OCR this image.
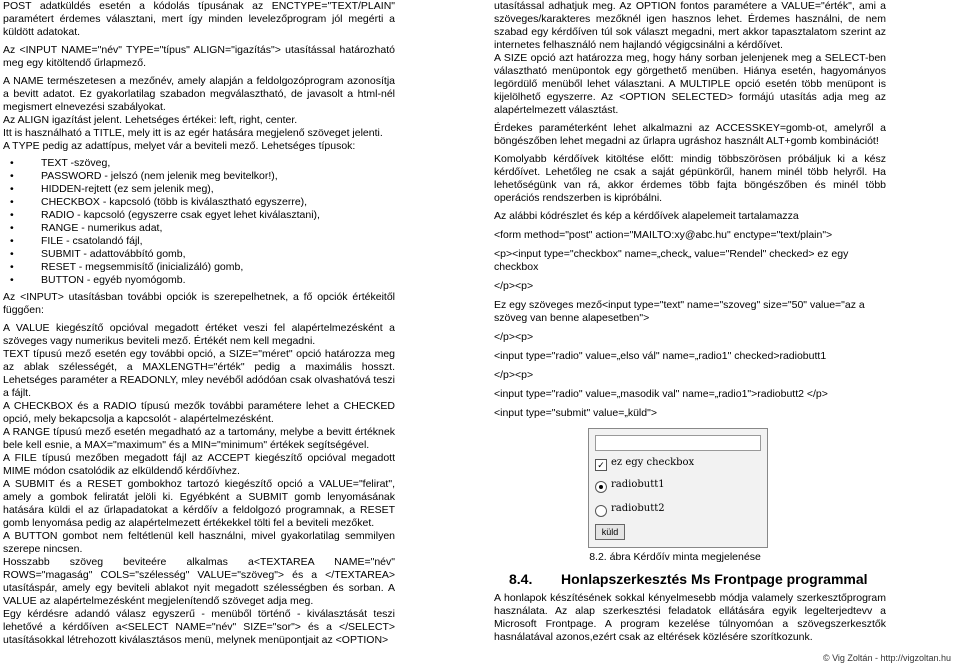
POST adatküldés esetén a kódolás típusának az ENCTYPE="TEXT/PLAIN" paramétert érdemes választani, mert így minden levelezőprogram jól megérti a küldött adatokat.

Az <INPUT NAME="név" TYPE="típus" ALIGN="igazítás"> utasítással határozható meg egy kitöltendő űrlapmező.

A NAME természetesen a mezőnév, amely alapján a feldolgozóprogram azonosítja a bevitt adatot. Ez gyakorlatilag szabadon megválasztható, de javasolt a html-nél megismert elnevezési szabályokat.

Az ALIGN igazítást jelent. Lehetséges értékei: left, right, center.

Itt is használható a TITLE, mely itt is az egér hatására megjelenő szöveget jelenti.

A TYPE pedig az adattípus, melyet vár a beviteli mező. Lehetséges típusok:

• TEXT -szöveg,
• PASSWORD - jelszó (nem jelenik meg bevitelkor!),
• HIDDEN-rejtett (ez sem jelenik meg),
• CHECKBOX - kapcsoló (több is kiválasztható egyszerre),
• RADIO - kapcsoló (egyszerre csak egyet lehet kiválasztani),
• RANGE - numerikus adat,
• FILE - csatolandó fájl,
• SUBMIT - adattovábbító gomb,
• RESET - megsemmisítő (inicializáló) gomb,
• BUTTON - egyéb nyomógomb.

Az <INPUT> utasításban további opciók is szerepelhetnek, a fő opciók értékeitől függően:

A VALUE kiegészítő opcióval megadott értéket veszi fel alapértelmezésként a szöveges vagy numerikus beviteli mező. Értékét nem kell megadni.

TEXT típusú mező esetén egy további opció, a SIZE="méret" opció határozza meg az ablak szélességét, a MAXLENGTH="érték" pedig a maximális hosszt. Lehetséges paraméter a READONLY, mley nevéből adódóan csak olvashatóvá teszi a fájlt.

A CHECKBOX és a RADIO típusú mezők további paramétere lehet a CHECKED opció, mely bekapcsolja a kapcsolót - alapértelmezésként.

A RANGE típusú mező esetén megadható az a tartomány, melybe a bevitt értéknek bele kell esnie, a MAX="maximum" és a MIN="minimum" értékek segítségével.

A FILE típusú mezőben megadott fájl az ACCEPT kiegészítő opcióval megadott MIME módon csatolódik az elküldendő kérdőívhez.

A SUBMIT és a RESET gombokhoz tartozó kiegészítő opció a VALUE="felirat", amely a gombok feliratát jelöli ki. Egyébként a SUBMIT gomb lenyomásának hatására küldi el az űrlapadatokat a kérdőív a feldolgozó programnak, a RESET gomb lenyomása pedig az alapértelmezett értékekkel tölti fel a beviteli mezőket.

A BUTTON gombot nem feltétlenül kell használni, mivel gyakorlatilag semmilyen szerepe nincsen.

Hosszabb szöveg beviteére alkalmas a<TEXTAREA NAME="név" ROWS="magaság" COLS="szélesség" VALUE="szöveg"> és a </TEXTAREA> utasításpár, amely egy beviteli ablakot nyit megadott szélességben és sorban. A VALUE az alapértelmezésként megjelenítendő szöveget adja meg.

Egy kérdésre adandó válasz egyszerű - menüből történő - kiválasztását teszi lehetővé a kérdőíven a<SELECT NAME="név" SIZE="sor"> és a </SELECT> utasításokkal létrehozott kiválasztásos menü, melynek menüpontjait az <OPTION>

utasítással adhatjuk meg. Az OPTION fontos paramétere a VALUE="érték", ami a szöveges/karakteres mezőknél igen hasznos lehet. Érdemes használni, de nem szabad egy kérdőíven túl sok választ megadni, mert akkor tapasztalatom szerint az internetes felhasználó nem hajlandó végigcsinálni a kérdőívet.

A SIZE opció azt határozza meg, hogy hány sorban jelenjenek meg a SELECT-ben választható menüpontok egy görgethető menüben. Hiánya esetén, hagyományos legördülő menüből lehet választani. A MULTIPLE opció esetén több menüpont is kijelölhető egyszerre. Az <OPTION SELECTED> formájú utasítás adja meg az alapértelmezett választást.

Érdekes paraméterként lehet alkalmazni az ACCESSKEY=gomb-ot, amelyről a böngészőben lehet megadni az űrlapra ugráshoz használt ALT+gomb kombinációt!

Komolyabb kérdőívek kitöltése előtt: mindig többszörösen próbáljuk ki a kész kérdőívet. Lehetőleg ne csak a saját gépünkörűl, hanem minél több helyről. Ha lehetőségünk van rá, akkor érdemes több fajta böngészőben és minél több operációs rendszerben is kipróbálni.

Az alábbi kódrészlet és kép a kérdőívek alapelemeit tartalamazza

<form method="post" action="MAILTO:xy@abc.hu" enctype="text/plain">

<p><input type="checkbox" name=„check„ value="Rendel" checked> ez egy checkbox

</p><p>

Ez egy szöveges mező<input type="text" name="szoveg" size="50" value="az a szöveg van benne alapesetben">

</p><p>

<input type="radio" value=„elso vál" name=„radio1" checked>radiobutt1

</p><p>

<input type="radio" value=„masodik val" name=„radio1">radiobutt2 </p>

<input type="submit" value=„küld">

✓ ez egy checkbox
radiobutt1
radiobutt2
küld
8.2. ábra Kérdőív minta megjelenése
8.4. Honlapszerkesztés Ms Frontpage programmal

A honlapok készítésének sokkal kényelmesebb módja valamely szerkesztőprogram használata. Az alap szerkesztési feladatok ellátására egyik legelterjedtevv a Microsoft Frontpage. A program kezelése túlnyomóan a szövegszerkesztők hasnálatával azonos,ezért csak az eltérések közlésére szorítkozunk.

© Vig Zoltán - http://vigzoltan.hu
